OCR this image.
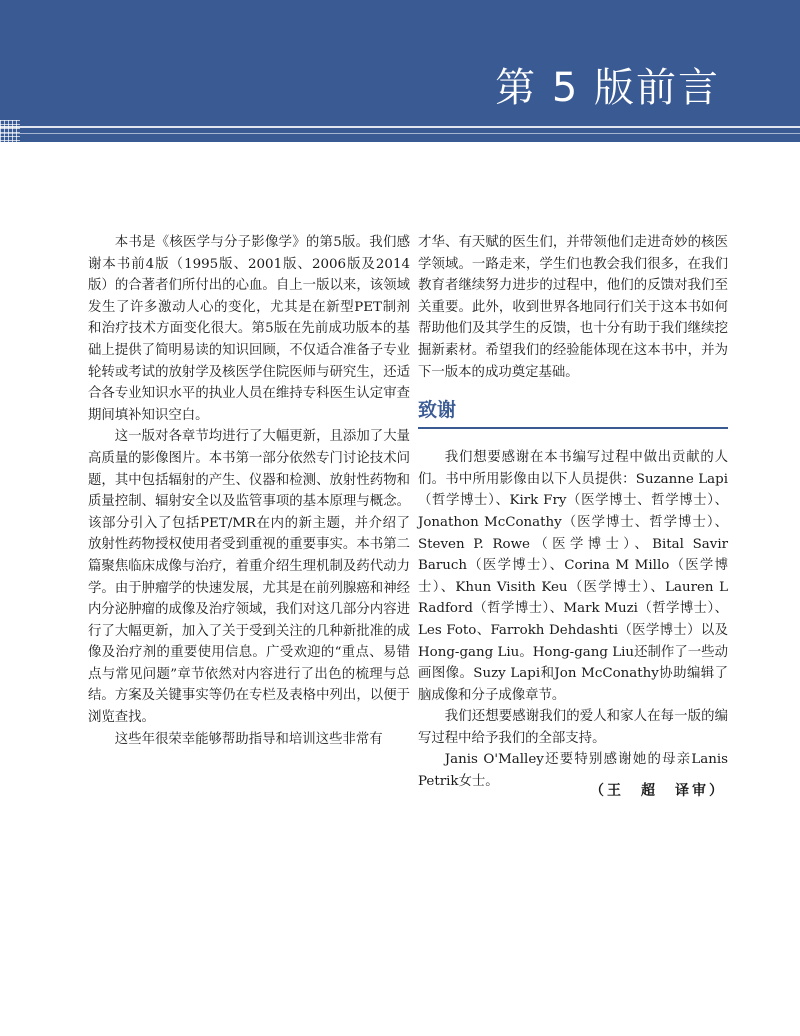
第 5 版前言

本书是《核医学与分子影像学》的第5版。我们感谢本书前4版（1995版、2001版、2006版及2014版）的合著者们所付出的心血。自上一版以来，该领域发生了许多激动人心的变化，尤其是在新型PET制剂和治疗技术方面变化很大。第5版在先前成功版本的基础上提供了简明易读的知识回顾，不仅适合准备子专业轮转或考试的放射学及核医学住院医师与研究生，还适合各专业知识水平的执业人员在维持专科医生认定审查期间填补知识空白。

这一版对各章节均进行了大幅更新，且添加了大量高质量的影像图片。本书第一部分依然专门讨论技术问题，其中包括辐射的产生、仪器和检测、放射性药物和质量控制、辐射安全以及监管事项的基本原理与概念。该部分引入了包括PET/MR在内的新主题，并介绍了放射性药物授权使用者受到重视的重要事实。本书第二篇聚焦临床成像与治疗，着重介绍生理机制及药代动力学。由于肿瘤学的快速发展，尤其是在前列腺癌和神经内分泌肿瘤的成像及治疗领域，我们对这几部分内容进行了大幅更新，加入了关于受到关注的几种新批准的成像及治疗剂的重要使用信息。广受欢迎的“重点、易错点与常见问题”章节依然对内容进行了出色的梳理与总结。方案及关键事实等仍在专栏及表格中列出，以便于浏览查找。

这些年很荣幸能够帮助指导和培训这些非常有

才华、有天赋的医生们，并带领他们走进奇妙的核医学领域。一路走来，学生们也教会我们很多，在我们教育者继续努力进步的过程中，他们的反馈对我们至关重要。此外，收到世界各地同行们关于这本书如何帮助他们及其学生的反馈，也十分有助于我们继续挖掘新素材。希望我们的经验能体现在这本书中，并为下一版本的成功奠定基础。

致谢

我们想要感谢在本书编写过程中做出贡献的人们。书中所用影像由以下人员提供：Suzanne Lapi（哲学博士）、Kirk Fry（医学博士、哲学博士）、Jonathon McConathy（医学博士、哲学博士）、Steven P. Rowe（医学博士）、Bital Savir Baruch（医学博士）、Corina M Millo（医学博士）、Khun Visith Keu（医学博士）、Lauren L Radford（哲学博士）、Mark Muzi（哲学博士）、Les Foto、Farrokh Dehdashti（医学博士）以及Hong-gang Liu。Hong-gang Liu还制作了一些动画图像。Suzy Lapi和Jon McConathy协助编辑了脑成像和分子成像章节。

我们还想要感谢我们的爱人和家人在每一版的编写过程中给予我们的全部支持。

Janis O'Malley还要特别感谢她的母亲Lanis Petrik女士。

（王　超　译审）
